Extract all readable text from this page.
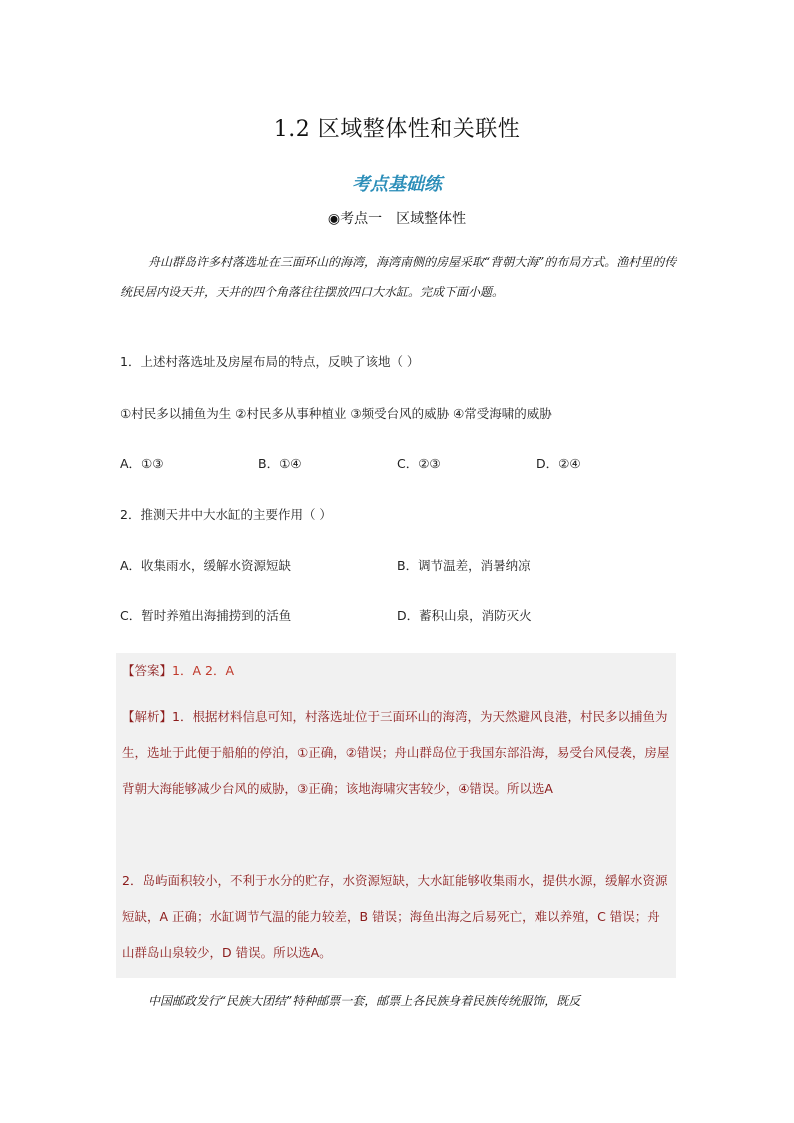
1.2 区域整体性和关联性
考点基础练
◉考点一　区域整体性
舟山群岛许多村落选址在三面环山的海湾，海湾南侧的房屋采取“背朝大海”的布局方式。渔村里的传统民居内设天井，天井的四个角落往往摆放四口大水缸。完成下面小题。
1．上述村落选址及房屋布局的特点，反映了该地（ ）
①村民多以捕鱼为生 ②村民多从事种植业 ③频受台风的威胁 ④常受海啸的威胁
A．①③	B．①④	C．②③	D．②④
2．推测天井中大水缸的主要作用（ ）
A．收集雨水，缓解水资源短缺	B．调节温差，消暑纳凉
C．暂时养殖出海捕捞到的活鱼	D．蓄积山泉，消防灭火
【答案】1．A 2．A
【解析】1．根据材料信息可知，村落选址位于三面环山的海湾，为天然避风良港，村民多以捕鱼为生，选址于此便于船舶的停泊，①正确，②错误；舟山群岛位于我国东部沿海，易受台风侵袭，房屋背朝大海能够减少台风的威胁，③正确；该地海啸灾害较少，④错误。所以选A
2．岛屿面积较小，不利于水分的贮存，水资源短缺，大水缸能够收集雨水，提供水源，缓解水资源短缺，A 正确；水缸调节气温的能力较差，B 错误；海鱼出海之后易死亡，难以养殖，C 错误；舟山群岛山泉较少，D 错误。所以选A。
中国邮政发行“民族大团结”特种邮票一套，邮票上各民族身着民族传统服饰，既反
